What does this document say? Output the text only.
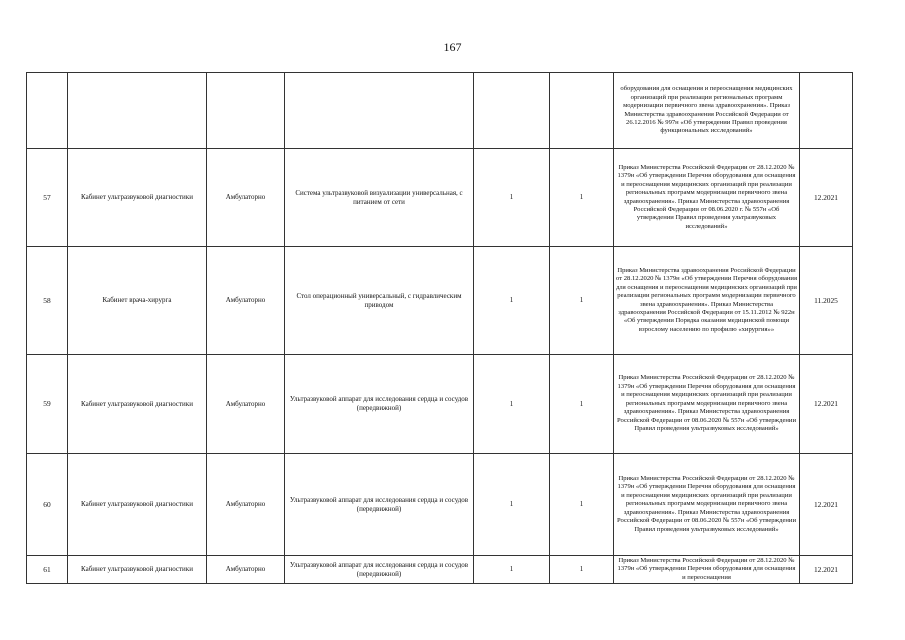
167
						оборудования для оснащения и переоснащения медицинских организаций при реализации региональных программ модернизации первичного звена здравоохранения». Приказ Министерства здравоохранения Российской Федерации от 26.12.2016 № 997н «Об утверждении Правил проведения функциональных исследований»	
57	Кабинет ультразвуковой диагностики	Амбулаторно	Система ультразвуковой визуализации универсальная, с питанием от сети	1	1	Приказ Министерства Российской Федерации от 28.12.2020 № 1379н «Об утверждении Перечня оборудования для оснащения и переоснащения медицинских организаций при реализации региональных программ модернизации первичного звена здравоохранения». Приказ Министерства здравоохранения Российской Федерации от 08.06.2020 г. № 557н «Об утверждении Правил проведения ультразвуковых исследований»	12.2021
58	Кабинет врача-хирурга	Амбулаторно	Стол операционный универсальный, с гидравлическим приводом	1	1	Приказ Министерства здравоохранения Российской Федерации от 28.12.2020 № 1379н «Об утверждении Перечня оборудования для оснащения и переоснащения медицинских организаций при реализации региональных программ модернизации первичного звена здравоохранения». Приказ Министерства здравоохранения Российской Федерации от 15.11.2012 № 922н «Об утверждении Порядка оказания медицинской помощи взрослому населению по профилю «хирургия»»	11.2025
59	Кабинет ультразвуковой диагностики	Амбулаторно	Ультразвуковой аппарат для исследования сердца и сосудов (передвижной)	1	1	Приказ Министерства Российской Федерации от 28.12.2020 № 1379н «Об утверждении Перечня оборудования для оснащения и переоснащения медицинских организаций при реализации региональных программ модернизации первичного звена здравоохранения». Приказ Министерства здравоохранения Российской Федерации от 08.06.2020 № 557н «Об утверждении Правил проведения ультразвуковых исследований»	12.2021
60	Кабинет ультразвуковой диагностики	Амбулаторно	Ультразвуковой аппарат для исследования сердца и сосудов (передвижной)	1	1	Приказ Министерства Российской Федерации от 28.12.2020 № 1379н «Об утверждении Перечня оборудования для оснащения и переоснащения медицинских организаций при реализации региональных программ модернизации первичного звена здравоохранения». Приказ Министерства здравоохранения Российской Федерации от 08.06.2020 № 557н «Об утверждении Правил проведения ультразвуковых исследований»	12.2021
61	Кабинет ультразвуковой диагностики	Амбулаторно	Ультразвуковой аппарат для исследования сердца и сосудов (передвижной)	1	1	Приказ Министерства Российской Федерации от 28.12.2020 № 1379н «Об утверждении Перечня оборудования для оснащения и переоснащения	12.2021
